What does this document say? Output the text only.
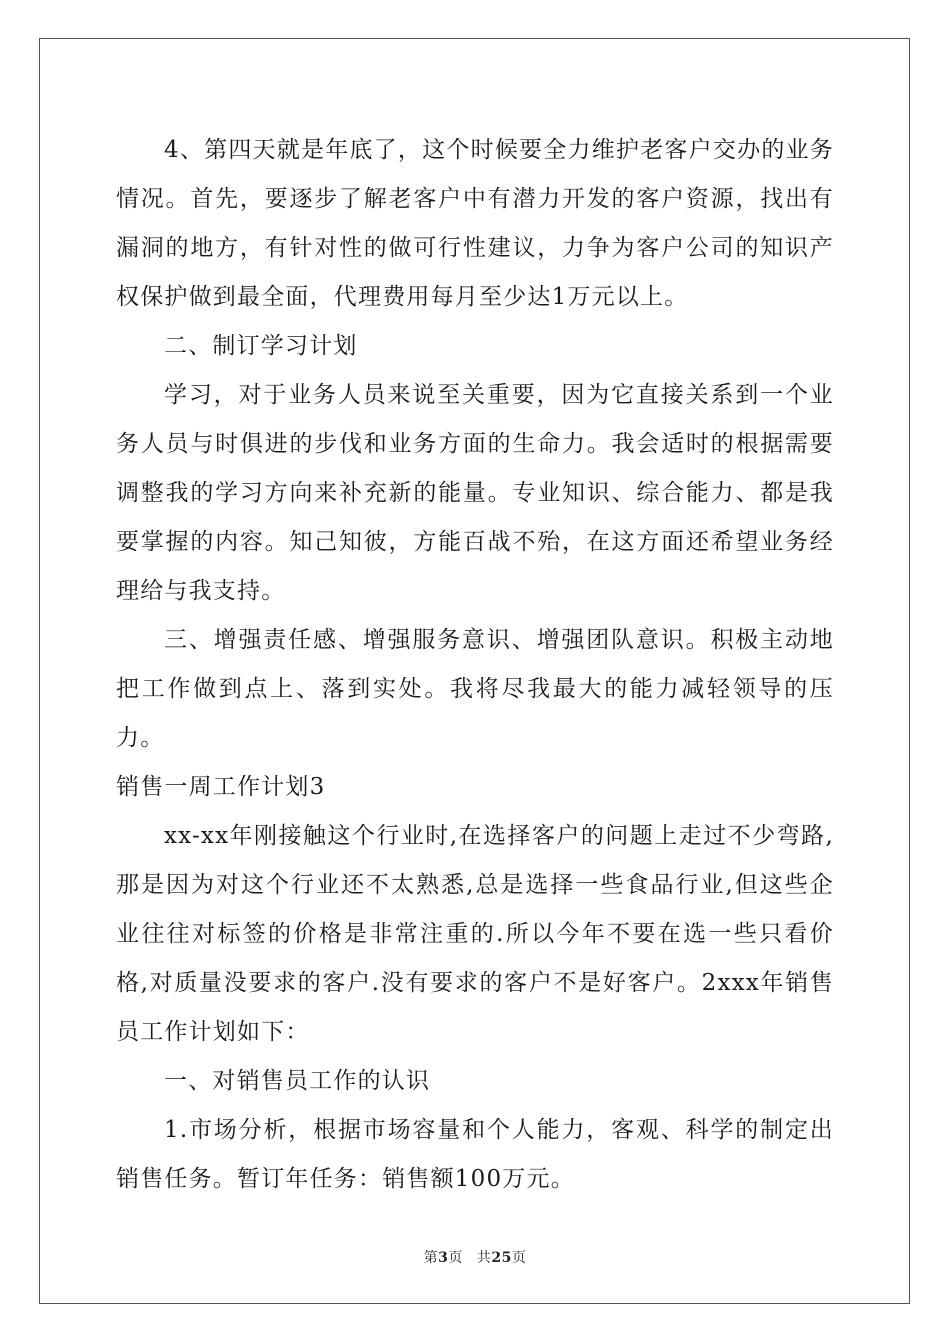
4、第四天就是年底了，这个时候要全力维护老客户交办的业务情况。首先，要逐步了解老客户中有潜力开发的客户资源，找出有漏洞的地方，有针对性的做可行性建议，力争为客户公司的知识产权保护做到最全面，代理费用每月至少达1万元以上。

二、制订学习计划

学习，对于业务人员来说至关重要，因为它直接关系到一个业务人员与时俱进的步伐和业务方面的生命力。我会适时的根据需要调整我的学习方向来补充新的能量。专业知识、综合能力、都是我要掌握的内容。知己知彼，方能百战不殆，在这方面还希望业务经理给与我支持。

三、增强责任感、增强服务意识、增强团队意识。积极主动地把工作做到点上、落到实处。我将尽我最大的能力减轻领导的压力。

销售一周工作计划3

xx-xx年刚接触这个行业时,在选择客户的问题上走过不少弯路,那是因为对这个行业还不太熟悉,总是选择一些食品行业,但这些企业往往对标签的价格是非常注重的.所以今年不要在选一些只看价格,对质量没要求的客户.没有要求的客户不是好客户。2xxx年销售员工作计划如下：

一、对销售员工作的认识

1.市场分析，根据市场容量和个人能力，客观、科学的制定出销售任务。暂订年任务：销售额100万元。

第3页 共25页
